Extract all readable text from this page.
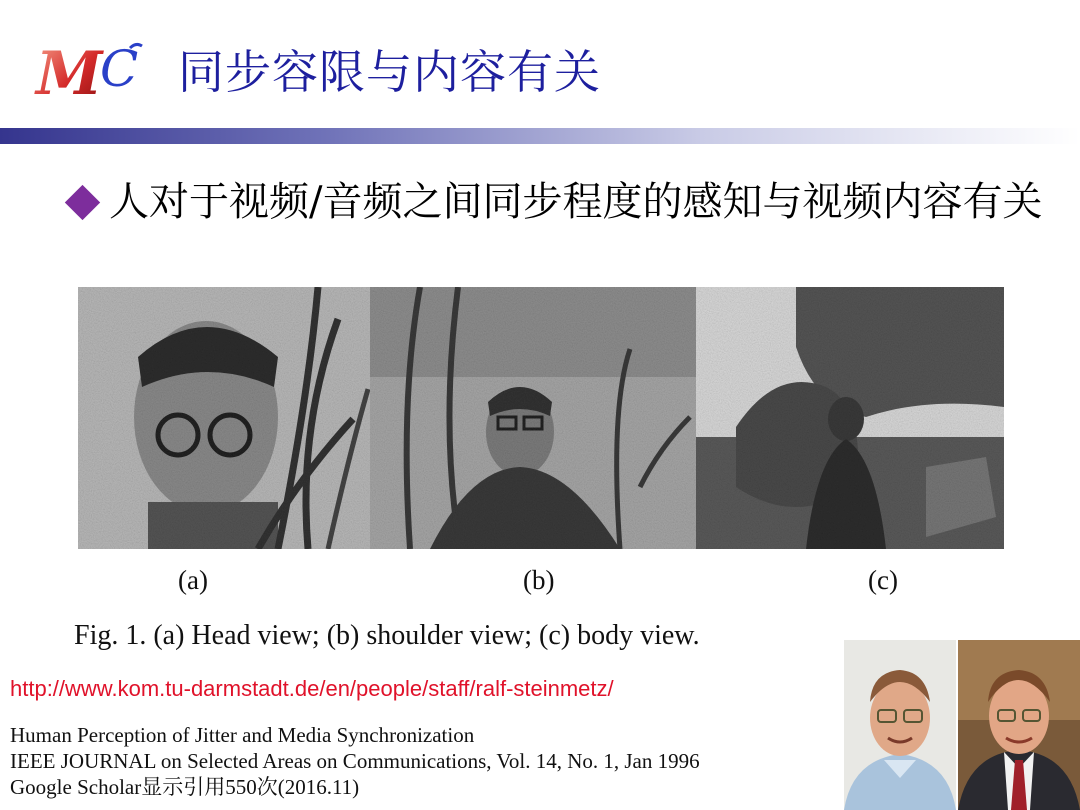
M
C 同步容限与内容有关
人对于视频/音频之间同步程度的感知与视频内容有关
(a)	(b)	(c)
Fig. 1. (a) Head view; (b) shoulder view; (c) body view.
http://www.kom.tu-darmstadt.de/en/people/staff/ralf-steinmetz/
Human Perception of Jitter and Media Synchronization
IEEE JOURNAL on Selected Areas on Communications, Vol. 14, No. 1, Jan 1996
Google Scholar显示引用550次(2016.11)
